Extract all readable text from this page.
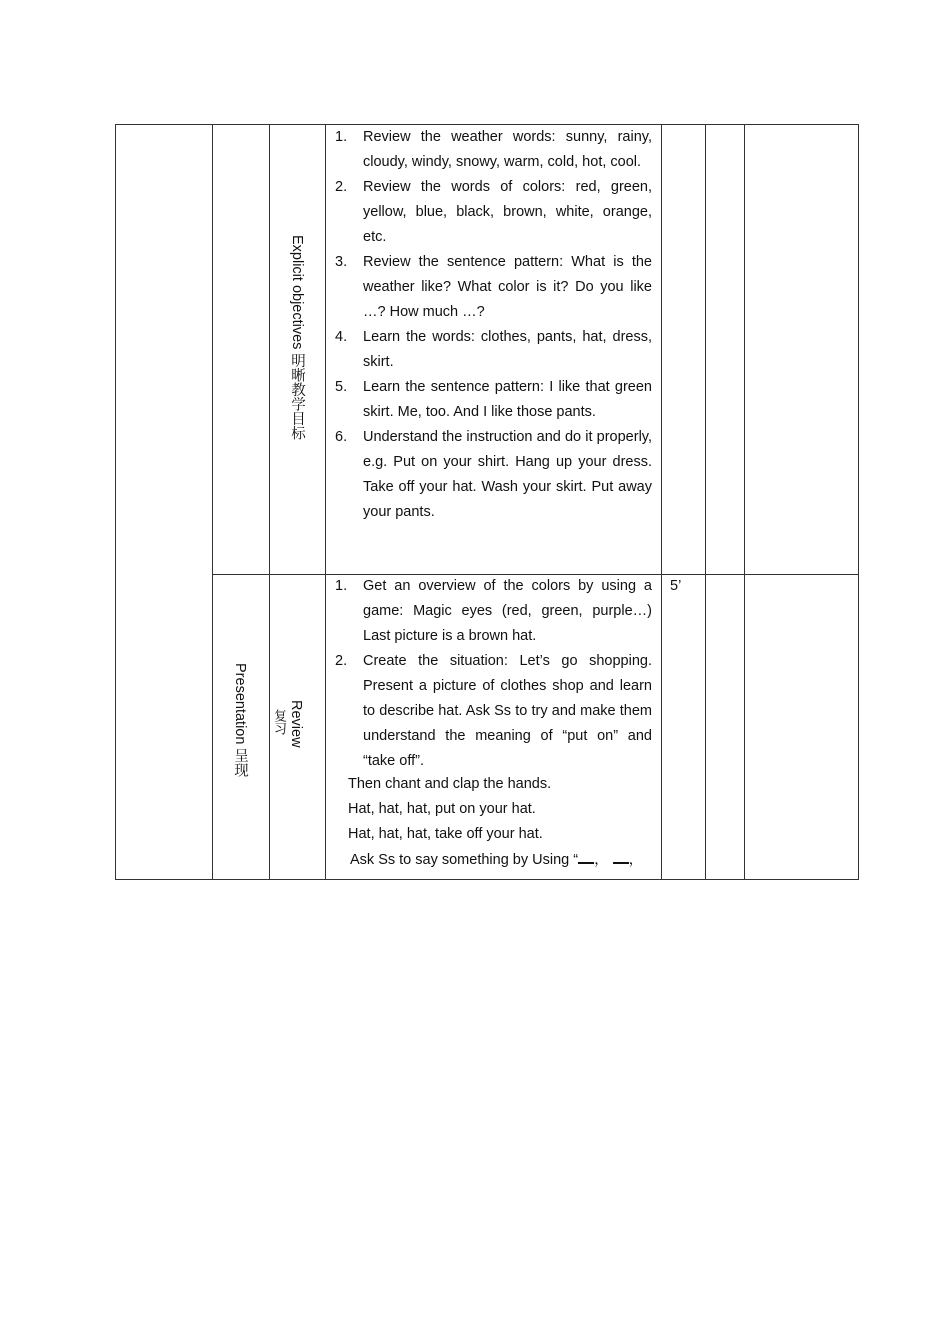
Explicit objectives 明晰教学目标
1. Review the weather words: sunny, rainy, cloudy, windy, snowy, warm, cold, hot, cool.
2. Review the words of colors: red, green, yellow, blue, black, brown, white, orange, etc.
3. Review the sentence pattern: What is the weather like? What color is it? Do you like …? How much …?
4. Learn the words: clothes, pants, hat, dress, skirt.
5. Learn the sentence pattern: I like that green skirt. Me, too. And I like those pants.
6. Understand the instruction and do it properly, e.g. Put on your shirt. Hang up your dress. Take off your hat. Wash your skirt. Put away your pants.
Presentation 呈现	Review
复习
1. Get an overview of the colors by using a game: Magic eyes (red, green, purple…) Last picture is a brown hat.
2. Create the situation: Let’s go shopping. Present a picture of clothes shop and learn to describe hat. Ask Ss to try and make them understand the meaning of “put on” and “take off”.
Then chant and clap the hands.
Hat, hat, hat, put on your hat.
Hat, hat, hat, take off your hat.
Ask Ss to say something by Using “ ， ，
5’
